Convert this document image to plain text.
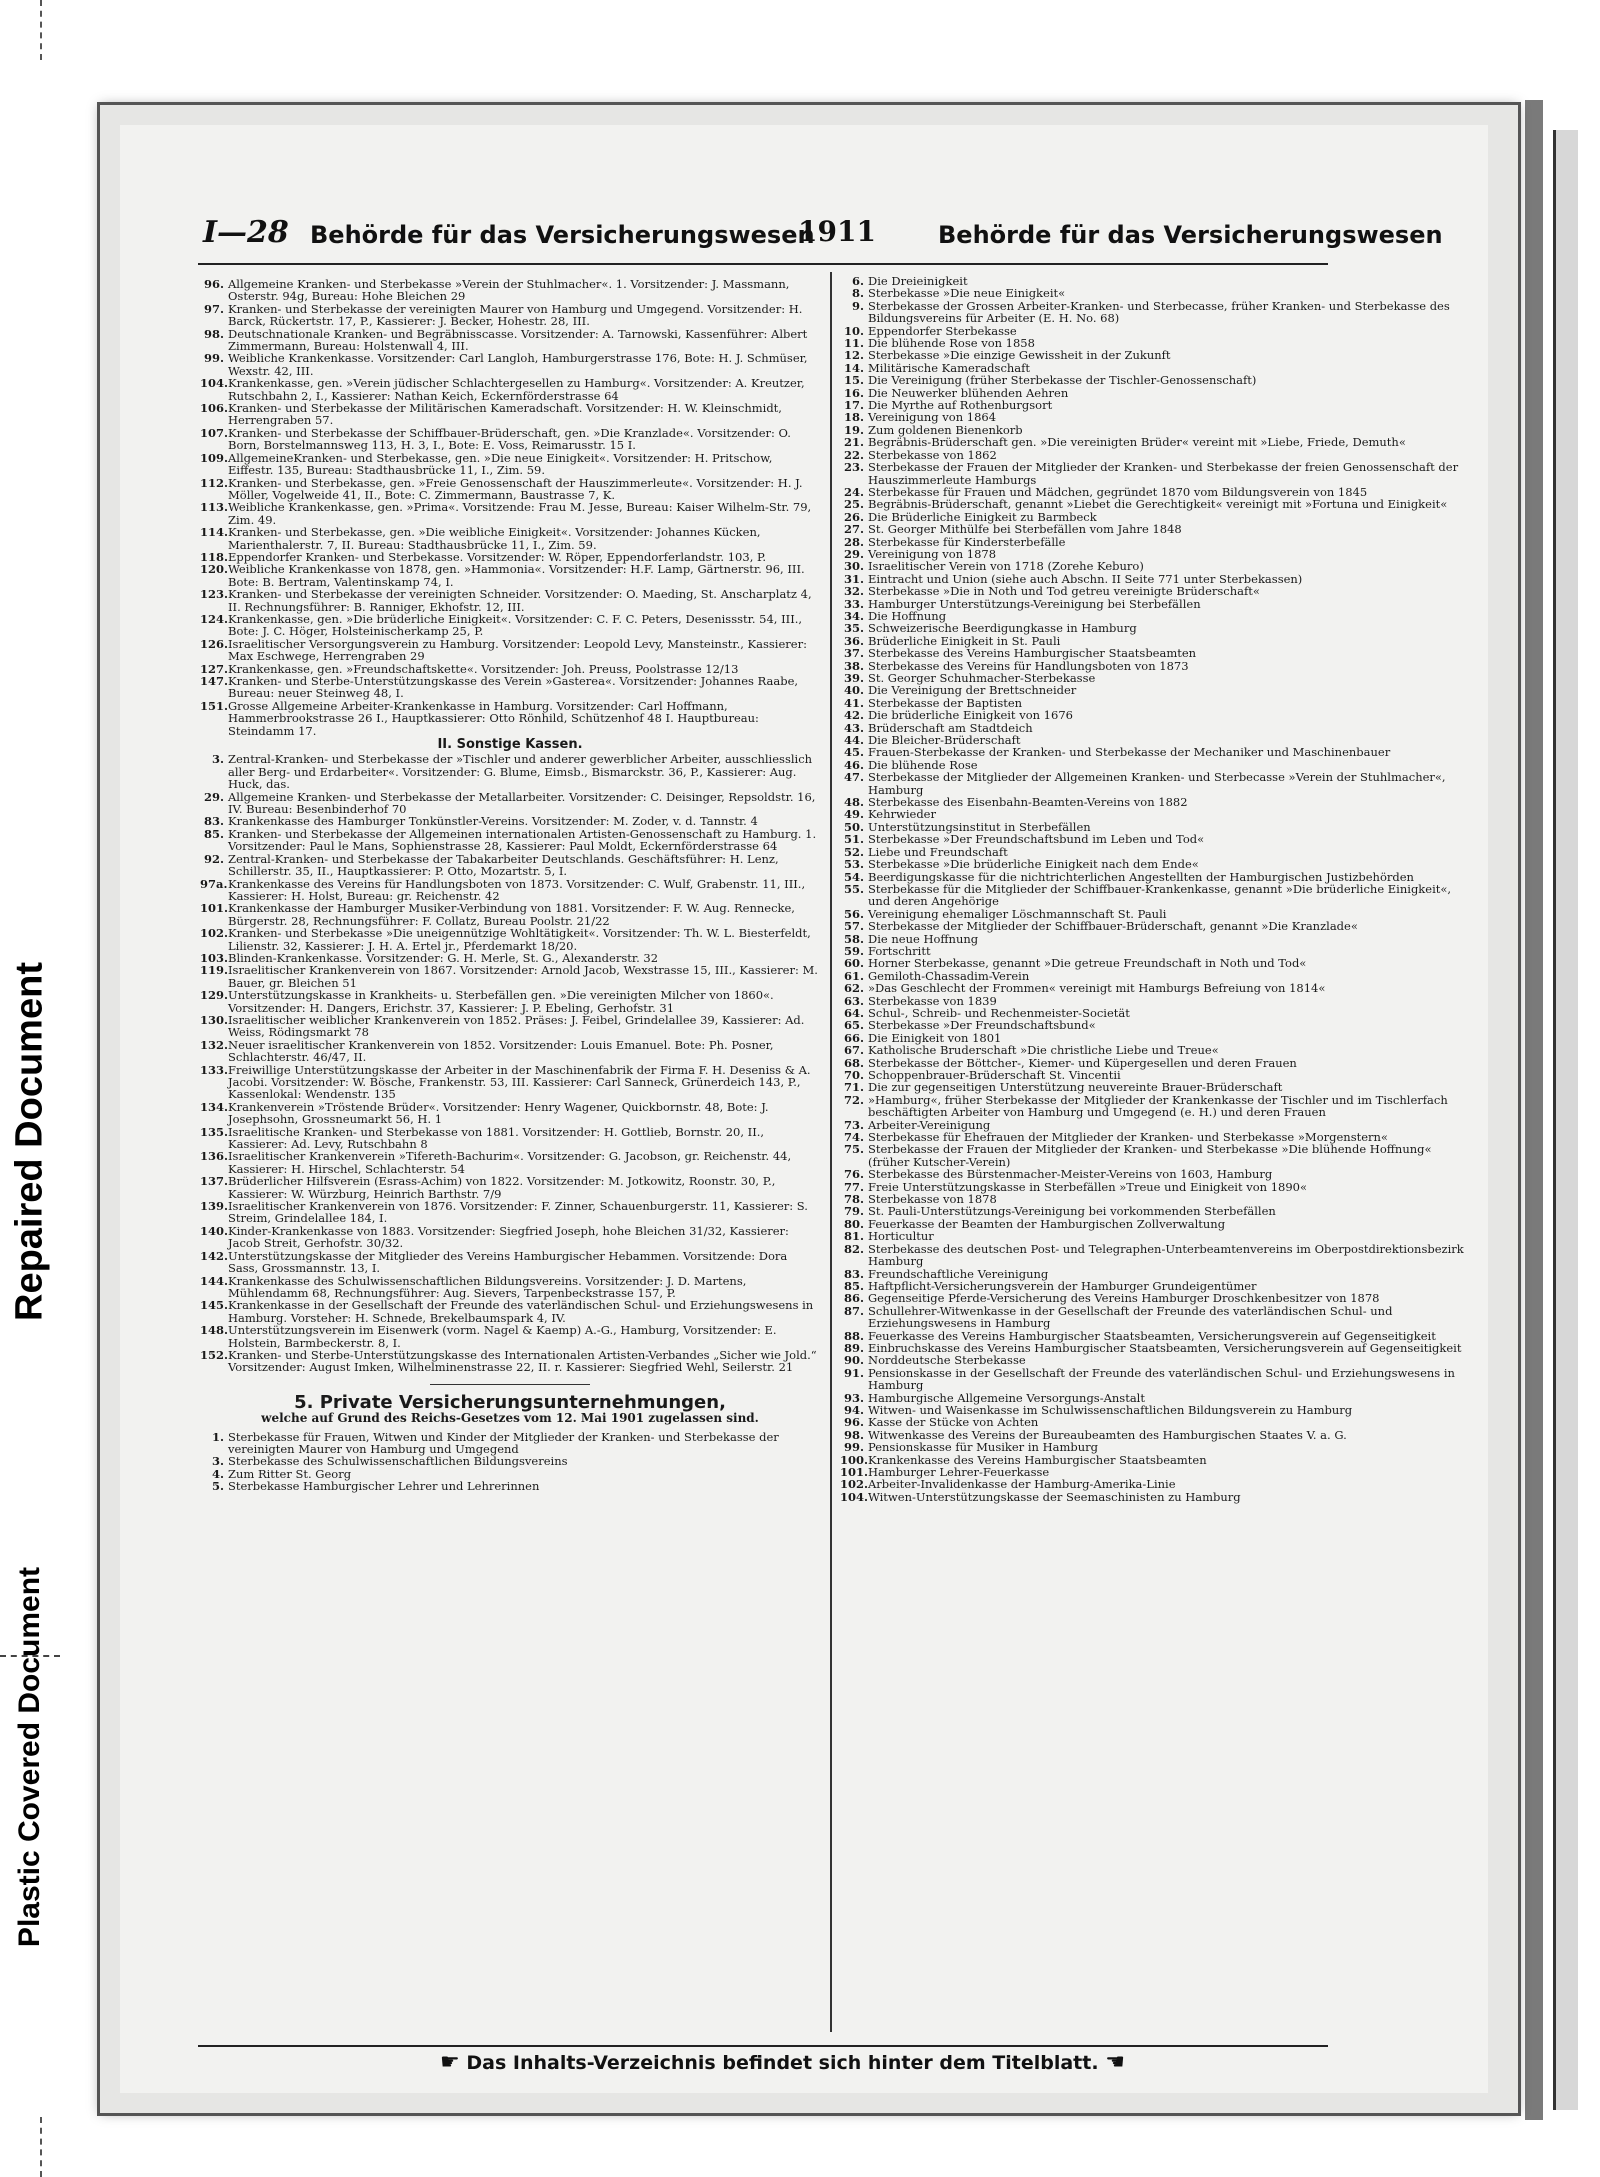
Repaired Document
Plastic Covered Document
I—28 Behörde für das Versicherungswesen
1911	Behörde für das Versicherungswesen

96. Allgemeine Kranken- und Sterbekasse »Verein der Stuhlmacher«. 1. Vorsitzender: J. Massmann, Osterstr. 94g, Bureau: Hohe Bleichen 29

97. Kranken- und Sterbekasse der vereinigten Maurer von Hamburg und Umgegend. Vorsitzender: H. Barck, Rückertstr. 17, P., Kassierer: J. Becker, Hohestr. 28, III.

98. Deutschnationale Kranken- und Begräbnisscasse. Vorsitzender: A. Tarnowski, Kassenführer: Albert Zimmermann, Bureau: Holstenwall 4, III.

99. Weibliche Krankenkasse. Vorsitzender: Carl Langloh, Hamburgerstrasse 176, Bote: H. J. Schmüser, Wexstr. 42, III.

104.Krankenkasse, gen. »Verein jüdischer Schlachtergesellen zu Hamburg«. Vorsitzender: A. Kreutzer, Rutschbahn 2, I., Kassierer: Nathan Keich, Eckernförderstrasse 64

106.Kranken- und Sterbekasse der Militärischen Kameradschaft. Vorsitzender: H. W. Kleinschmidt, Herrengraben 57.

107.Kranken- und Sterbekasse der Schiffbauer-Brüderschaft, gen. »Die Kranzlade«. Vorsitzender: O. Born, Borstelmannsweg 113, H. 3, I., Bote: E. Voss, Reimarusstr. 15 I.

109.AllgemeineKranken- und Sterbekasse, gen. »Die neue Einigkeit«. Vorsitzender: H. Pritschow, Eiffestr. 135, Bureau: Stadthausbrücke 11, I., Zim. 59.

112.Kranken- und Sterbekasse, gen. »Freie Genossenschaft der Hauszimmerleute«. Vorsitzender: H. J. Möller, Vogelweide 41, II., Bote: C. Zimmermann, Baustrasse 7, K.

113.Weibliche Krankenkasse, gen. »Prima«. Vorsitzende: Frau M. Jesse, Bureau: Kaiser Wilhelm-Str. 79, Zim. 49.

114.Kranken- und Sterbekasse, gen. »Die weibliche Einigkeit«. Vorsitzender: Johannes Kücken, Marienthalerstr. 7, II. Bureau: Stadthausbrücke 11, I., Zim. 59.

118.Eppendorfer Kranken- und Sterbekasse. Vorsitzender: W. Röper, Eppendorferlandstr. 103, P.

120.Weibliche Krankenkasse von 1878, gen. »Hammonia«. Vorsitzender: H.F. Lamp, Gärtnerstr. 96, III. Bote: B. Bertram, Valentinskamp 74, I.

123.Kranken- und Sterbekasse der vereinigten Schneider. Vorsitzender: O. Maeding, St. Anscharplatz 4, II. Rechnungsführer: B. Ranniger, Ekhofstr. 12, III.

124.Krankenkasse, gen. »Die brüderliche Einigkeit«. Vorsitzender: C. F. C. Peters, Desenissstr. 54, III., Bote: J. C. Höger, Holsteinischerkamp 25, P.

126.Israelitischer Versorgungsverein zu Hamburg. Vorsitzender: Leopold Levy, Mansteinstr., Kassierer: Max Eschwege, Herrengraben 29

127.Krankenkasse, gen. »Freundschaftskette«. Vorsitzender: Joh. Preuss, Poolstrasse 12/13

147.Kranken- und Sterbe-Unterstützungskasse des Verein »Gasterea«. Vorsitzender: Johannes Raabe, Bureau: neuer Steinweg 48, I.

151.Grosse Allgemeine Arbeiter-Krankenkasse in Hamburg. Vorsitzender: Carl Hoffmann, Hammerbrookstrasse 26 I., Hauptkassierer: Otto Rönhild, Schützenhof 48 I. Hauptbureau: Steindamm 17.

II. Sonstige Kassen.

3. Zentral-Kranken- und Sterbekasse der »Tischler und anderer gewerblicher Arbeiter, ausschliesslich aller Berg- und Erdarbeiter«. Vorsitzender: G. Blume, Eimsb., Bismarckstr. 36, P., Kassierer: Aug. Huck, das.

29. Allgemeine Kranken- und Sterbekasse der Metallarbeiter. Vorsitzender: C. Deisinger, Repsoldstr. 16, IV. Bureau: Besenbinderhof 70

83. Krankenkasse des Hamburger Tonkünstler-Vereins. Vorsitzender: M. Zoder, v. d. Tannstr. 4

85. Kranken- und Sterbekasse der Allgemeinen internationalen Artisten-Genossenschaft zu Hamburg. 1. Vorsitzender: Paul le Mans, Sophienstrasse 28, Kassierer: Paul Moldt, Eckernförderstrasse 64

92. Zentral-Kranken- und Sterbekasse der Tabakarbeiter Deutschlands. Geschäftsführer: H. Lenz, Schillerstr. 35, II., Hauptkassierer: P. Otto, Mozartstr. 5, I.

97a.Krankenkasse des Vereins für Handlungsboten von 1873. Vorsitzender: C. Wulf, Grabenstr. 11, III., Kassierer: H. Holst, Bureau: gr. Reichenstr. 42

101.Krankenkasse der Hamburger Musiker-Verbindung von 1881. Vorsitzender: F. W. Aug. Rennecke, Bürgerstr. 28, Rechnungsführer: F. Collatz, Bureau Poolstr. 21/22

102.Kranken- und Sterbekasse »Die uneigennützige Wohltätigkeit«. Vorsitzender: Th. W. L. Biesterfeldt, Lilienstr. 32, Kassierer: J. H. A. Ertel jr., Pferdemarkt 18/20.

103.Blinden-Krankenkasse. Vorsitzender: G. H. Merle, St. G., Alexanderstr. 32

119.Israelitischer Krankenverein von 1867. Vorsitzender: Arnold Jacob, Wexstrasse 15, III., Kassierer: M. Bauer, gr. Bleichen 51

129.Unterstützungskasse in Krankheits- u. Sterbefällen gen. »Die vereinigten Milcher von 1860«. Vorsitzender: H. Dangers, Erichstr. 37, Kassierer: J. P. Ebeling, Gerhofstr. 31

130.Israelitischer weiblicher Krankenverein von 1852. Präses: J. Feibel, Grindelallee 39, Kassierer: Ad. Weiss, Rödingsmarkt 78

132.Neuer israelitischer Krankenverein von 1852. Vorsitzender: Louis Emanuel. Bote: Ph. Posner, Schlachterstr. 46/47, II.

133.Freiwillige Unterstützungskasse der Arbeiter in der Maschinenfabrik der Firma F. H. Deseniss & A. Jacobi. Vorsitzender: W. Bösche, Frankenstr. 53, III. Kassierer: Carl Sanneck, Grünerdeich 143, P., Kassenlokal: Wendenstr. 135

134.Krankenverein »Tröstende Brüder«. Vorsitzender: Henry Wagener, Quickbornstr. 48, Bote: J. Josephsohn, Grossneumarkt 56, H. 1

135.Israelitische Kranken- und Sterbekasse von 1881. Vorsitzender: H. Gottlieb, Bornstr. 20, II., Kassierer: Ad. Levy, Rutschbahn 8

136.Israelitischer Krankenverein »Tifereth-Bachurim«. Vorsitzender: G. Jacobson, gr. Reichenstr. 44, Kassierer: H. Hirschel, Schlachterstr. 54

137.Brüderlicher Hilfsverein (Esrass-Achim) von 1822. Vorsitzender: M. Jotkowitz, Roonstr. 30, P., Kassierer: W. Würzburg, Heinrich Barthstr. 7/9

139.Israelitischer Krankenverein von 1876. Vorsitzender: F. Zinner, Schauenburgerstr. 11, Kassierer: S. Streim, Grindelallee 184, I.

140.Kinder-Krankenkasse von 1883. Vorsitzender: Siegfried Joseph, hohe Bleichen 31/32, Kassierer: Jacob Streit, Gerhofstr. 30/32.

142.Unterstützungskasse der Mitglieder des Vereins Hamburgischer Hebammen. Vorsitzende: Dora Sass, Grossmannstr. 13, I.

144.Krankenkasse des Schulwissenschaftlichen Bildungsvereins. Vorsitzender: J. D. Martens, Mühlendamm 68, Rechnungsführer: Aug. Sievers, Tarpenbeckstrasse 157, P.

145.Krankenkasse in der Gesellschaft der Freunde des vaterländischen Schul- und Erziehungswesens in Hamburg. Vorsteher: H. Schnede, Brekelbaumspark 4, IV.

148.Unterstützungsverein im Eisenwerk (vorm. Nagel & Kaemp) A.-G., Hamburg, Vorsitzender: E. Holstein, Barmbeckerstr. 8, I.

152.Kranken- und Sterbe-Unterstützungskasse des Internationalen Artisten-Verbandes „Sicher wie Jold.“ Vorsitzender: August Imken, Wilhelminenstrasse 22, II. r. Kassierer: Siegfried Wehl, Seilerstr. 21

5. Private Versicherungsunternehmungen,
welche auf Grund des Reichs-Gesetzes vom 12. Mai 1901 zugelassen sind.

1. Sterbekasse für Frauen, Witwen und Kinder der Mitglieder der Kranken- und Sterbekasse der vereinigten Maurer von Hamburg und Umgegend

3. Sterbekasse des Schulwissenschaftlichen Bildungsvereins

4. Zum Ritter St. Georg

5. Sterbekasse Hamburgischer Lehrer und Lehrerinnen

6. Die Dreieinigkeit

8. Sterbekasse »Die neue Einigkeit«

9. Sterbekasse der Grossen Arbeiter-Kranken- und Sterbecasse, früher Kranken- und Sterbekasse des Bildungsvereins für Arbeiter (E. H. No. 68)

10. Eppendorfer Sterbekasse

11. Die blühende Rose von 1858

12. Sterbekasse »Die einzige Gewissheit in der Zukunft

14. Militärische Kameradschaft

15. Die Vereinigung (früher Sterbekasse der Tischler-Genossenschaft)

16. Die Neuwerker blühenden Aehren

17. Die Myrthe auf Rothenburgsort

18. Vereinigung von 1864

19. Zum goldenen Bienenkorb

21. Begräbnis-Brüderschaft gen. »Die vereinigten Brüder« vereint mit »Liebe, Friede, Demuth«

22. Sterbekasse von 1862

23. Sterbekasse der Frauen der Mitglieder der Kranken- und Sterbekasse der freien Genossenschaft der Hauszimmerleute Hamburgs

24. Sterbekasse für Frauen und Mädchen, gegründet 1870 vom Bildungsverein von 1845

25. Begräbnis-Brüderschaft, genannt »Liebet die Gerechtigkeit« vereinigt mit »Fortuna und Einigkeit«

26. Die Brüderliche Einigkeit zu Barmbeck

27. St. Georger Mithülfe bei Sterbefällen vom Jahre 1848

28. Sterbekasse für Kindersterbefälle

29. Vereinigung von 1878

30. Israelitischer Verein von 1718 (Zorehe Keburo)

31. Eintracht und Union (siehe auch Abschn. II Seite 771 unter Sterbekassen)

32. Sterbekasse »Die in Noth und Tod getreu vereinigte Brüderschaft«

33. Hamburger Unterstützungs-Vereinigung bei Sterbefällen

34. Die Hoffnung

35. Schweizerische Beerdigungkasse in Hamburg

36. Brüderliche Einigkeit in St. Pauli

37. Sterbekasse des Vereins Hamburgischer Staatsbeamten

38. Sterbekasse des Vereins für Handlungsboten von 1873

39. St. Georger Schuhmacher-Sterbekasse

40. Die Vereinigung der Brettschneider

41. Sterbekasse der Baptisten

42. Die brüderliche Einigkeit von 1676

43. Brüderschaft am Stadtdeich

44. Die Bleicher-Brüderschaft

45. Frauen-Sterbekasse der Kranken- und Sterbekasse der Mechaniker und Maschinenbauer

46. Die blühende Rose

47. Sterbekasse der Mitglieder der Allgemeinen Kranken- und Sterbecasse »Verein der Stuhlmacher«, Hamburg

48. Sterbekasse des Eisenbahn-Beamten-Vereins von 1882

49. Kehrwieder

50. Unterstützungsinstitut in Sterbefällen

51. Sterbekasse »Der Freundschaftsbund im Leben und Tod«

52. Liebe und Freundschaft

53. Sterbekasse »Die brüderliche Einigkeit nach dem Ende«

54. Beerdigungskasse für die nichtrichterlichen Angestellten der Hamburgischen Justizbehörden

55. Sterbekasse für die Mitglieder der Schiffbauer-Krankenkasse, genannt »Die brüderliche Einigkeit«, und deren Angehörige

56. Vereinigung ehemaliger Löschmannschaft St. Pauli

57. Sterbekasse der Mitglieder der Schiffbauer-Brüderschaft, genannt »Die Kranzlade«

58. Die neue Hoffnung

59. Fortschritt

60. Horner Sterbekasse, genannt »Die getreue Freundschaft in Noth und Tod«

61. Gemiloth-Chassadim-Verein

62. »Das Geschlecht der Frommen« vereinigt mit Hamburgs Befreiung von 1814«

63. Sterbekasse von 1839

64. Schul-, Schreib- und Rechenmeister-Societät

65. Sterbekasse »Der Freundschaftsbund«

66. Die Einigkeit von 1801

67. Katholische Bruderschaft »Die christliche Liebe und Treue«

68. Sterbekasse der Böttcher-, Kiemer- und Küpergesellen und deren Frauen

70. Schoppenbrauer-Brüderschaft St. Vincentii

71. Die zur gegenseitigen Unterstützung neuvereinte Brauer-Brüderschaft

72. »Hamburg«, früher Sterbekasse der Mitglieder der Krankenkasse der Tischler und im Tischlerfach beschäftigten Arbeiter von Hamburg und Umgegend (e. H.) und deren Frauen

73. Arbeiter-Vereinigung

74. Sterbekasse für Ehefrauen der Mitglieder der Kranken- und Sterbekasse »Morgenstern«

75. Sterbekasse der Frauen der Mitglieder der Kranken- und Sterbekasse »Die blühende Hoffnung« (früher Kutscher-Verein)

76. Sterbekasse des Bürstenmacher-Meister-Vereins von 1603, Hamburg

77. Freie Unterstützungskasse in Sterbefällen »Treue und Einigkeit von 1890«

78. Sterbekasse von 1878

79. St. Pauli-Unterstützungs-Vereinigung bei vorkommenden Sterbefällen

80. Feuerkasse der Beamten der Hamburgischen Zollverwaltung

81. Horticultur

82. Sterbekasse des deutschen Post- und Telegraphen-Unterbeamtenvereins im Oberpostdirektionsbezirk Hamburg

83. Freundschaftliche Vereinigung

85. Haftpflicht-Versicherungsverein der Hamburger Grundeigentümer

86. Gegenseitige Pferde-Versicherung des Vereins Hamburger Droschkenbesitzer von 1878

87. Schullehrer-Witwenkasse in der Gesellschaft der Freunde des vaterländischen Schul- und Erziehungswesens in Hamburg

88. Feuerkasse des Vereins Hamburgischer Staatsbeamten, Versicherungsverein auf Gegenseitigkeit

89. Einbruchskasse des Vereins Hamburgischer Staatsbeamten, Versicherungsverein auf Gegenseitigkeit

90. Norddeutsche Sterbekasse

91. Pensionskasse in der Gesellschaft der Freunde des vaterländischen Schul- und Erziehungswesens in Hamburg

93. Hamburgische Allgemeine Versorgungs-Anstalt

94. Witwen- und Waisenkasse im Schulwissenschaftlichen Bildungsverein zu Hamburg

96. Kasse der Stücke von Achten

98. Witwenkasse des Vereins der Bureaubeamten des Hamburgischen Staates V. a. G.

99. Pensionskasse für Musiker in Hamburg

100.Krankenkasse des Vereins Hamburgischer Staatsbeamten

101.Hamburger Lehrer-Feuerkasse

102.Arbeiter-Invalidenkasse der Hamburg-Amerika-Linie

104.Witwen-Unterstützungskasse der Seemaschinisten zu Hamburg

☛ Das Inhalts-Verzeichnis befindet sich hinter dem Titelblatt. ☚
